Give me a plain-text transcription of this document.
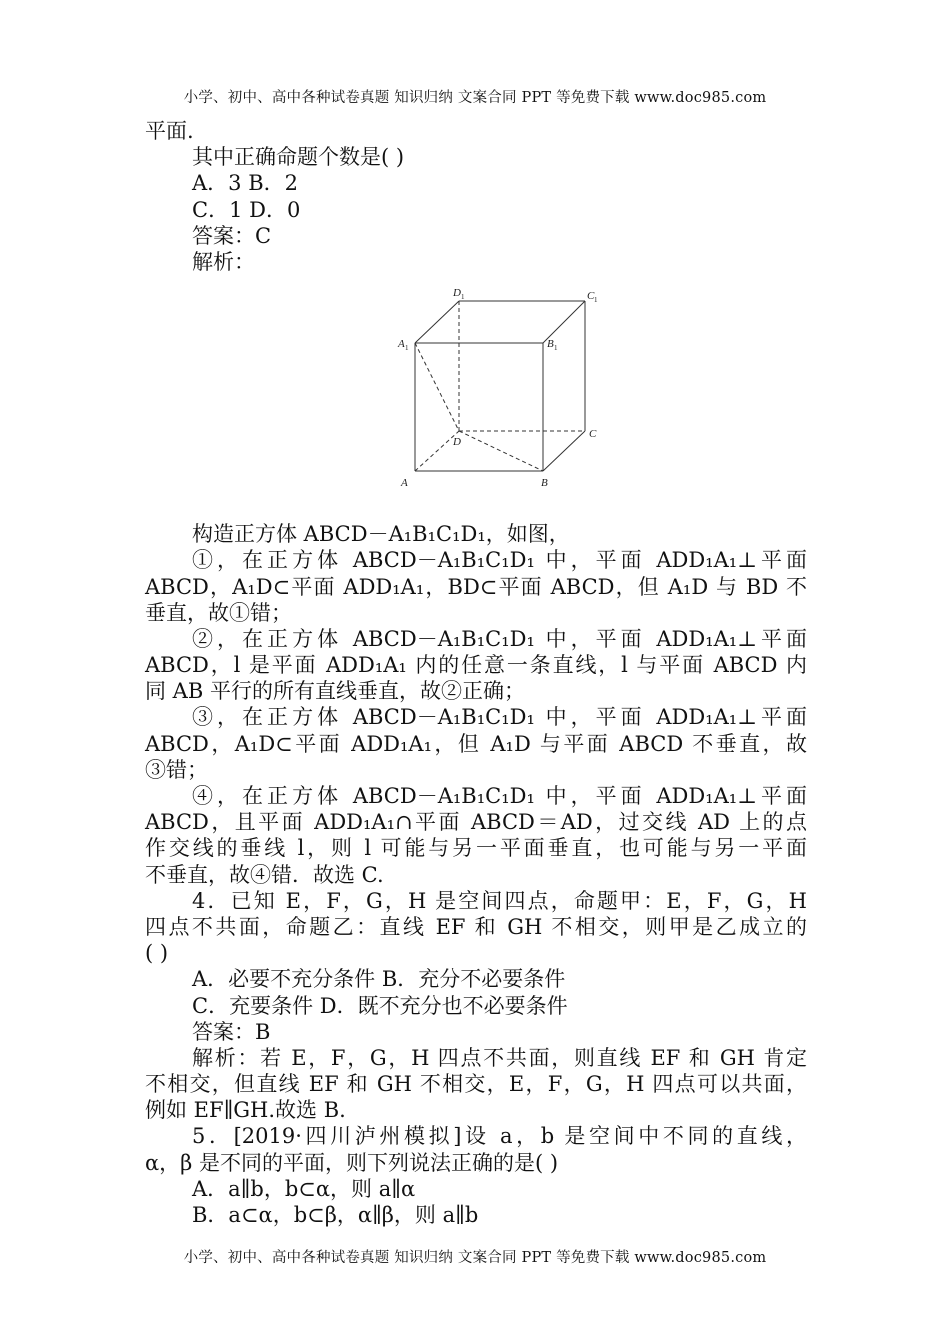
小学、初中、高中各种试卷真题 知识归纳 文案合同 PPT 等免费下载 www.doc985.com
平面.
其中正确命题个数是( )
A．3 B．2
C．1 D．0
答案：C
解析：
A	B
C
D
A 1	B 1
C 1
D 1
构造正方体 ABCD－A₁B₁C₁D₁，如图，
①，在正方体 ABCD－A₁B₁C₁D₁ 中，平面 ADD₁A₁⊥平面
ABCD，A₁D⊂平面 ADD₁A₁，BD⊂平面 ABCD，但 A₁D 与 BD 不
垂直，故①错；
②，在正方体 ABCD－A₁B₁C₁D₁ 中，平面 ADD₁A₁⊥平面
ABCD，l 是平面 ADD₁A₁ 内的任意一条直线，l 与平面 ABCD 内
同 AB 平行的所有直线垂直，故②正确；
③，在正方体 ABCD－A₁B₁C₁D₁ 中，平面 ADD₁A₁⊥平面
ABCD，A₁D⊂平面 ADD₁A₁，但 A₁D 与平面 ABCD 不垂直，故
③错；
④，在正方体 ABCD－A₁B₁C₁D₁ 中，平面 ADD₁A₁⊥平面
ABCD，且平面 ADD₁A₁∩平面 ABCD＝AD，过交线 AD 上的点
作交线的垂线 l，则 l 可能与另一平面垂直，也可能与另一平面
不垂直，故④错．故选 C.
4．已知 E，F，G，H 是空间四点，命题甲：E，F，G，H
四点不共面，命题乙：直线 EF 和 GH 不相交，则甲是乙成立的
( )
A．必要不充分条件 B．充分不必要条件
C．充要条件 D．既不充分也不必要条件
答案：B
解析：若 E，F，G，H 四点不共面，则直线 EF 和 GH 肯定
不相交，但直线 EF 和 GH 不相交，E，F，G，H 四点可以共面，
例如 EF∥GH.故选 B.
5．[2019·四川泸州模拟]设 a，b 是空间中不同的直线，
α，β 是不同的平面，则下列说法正确的是( )
A．a∥b，b⊂α，则 a∥α
B．a⊂α，b⊂β，α∥β，则 a∥b
小学、初中、高中各种试卷真题 知识归纳 文案合同 PPT 等免费下载 www.doc985.com
